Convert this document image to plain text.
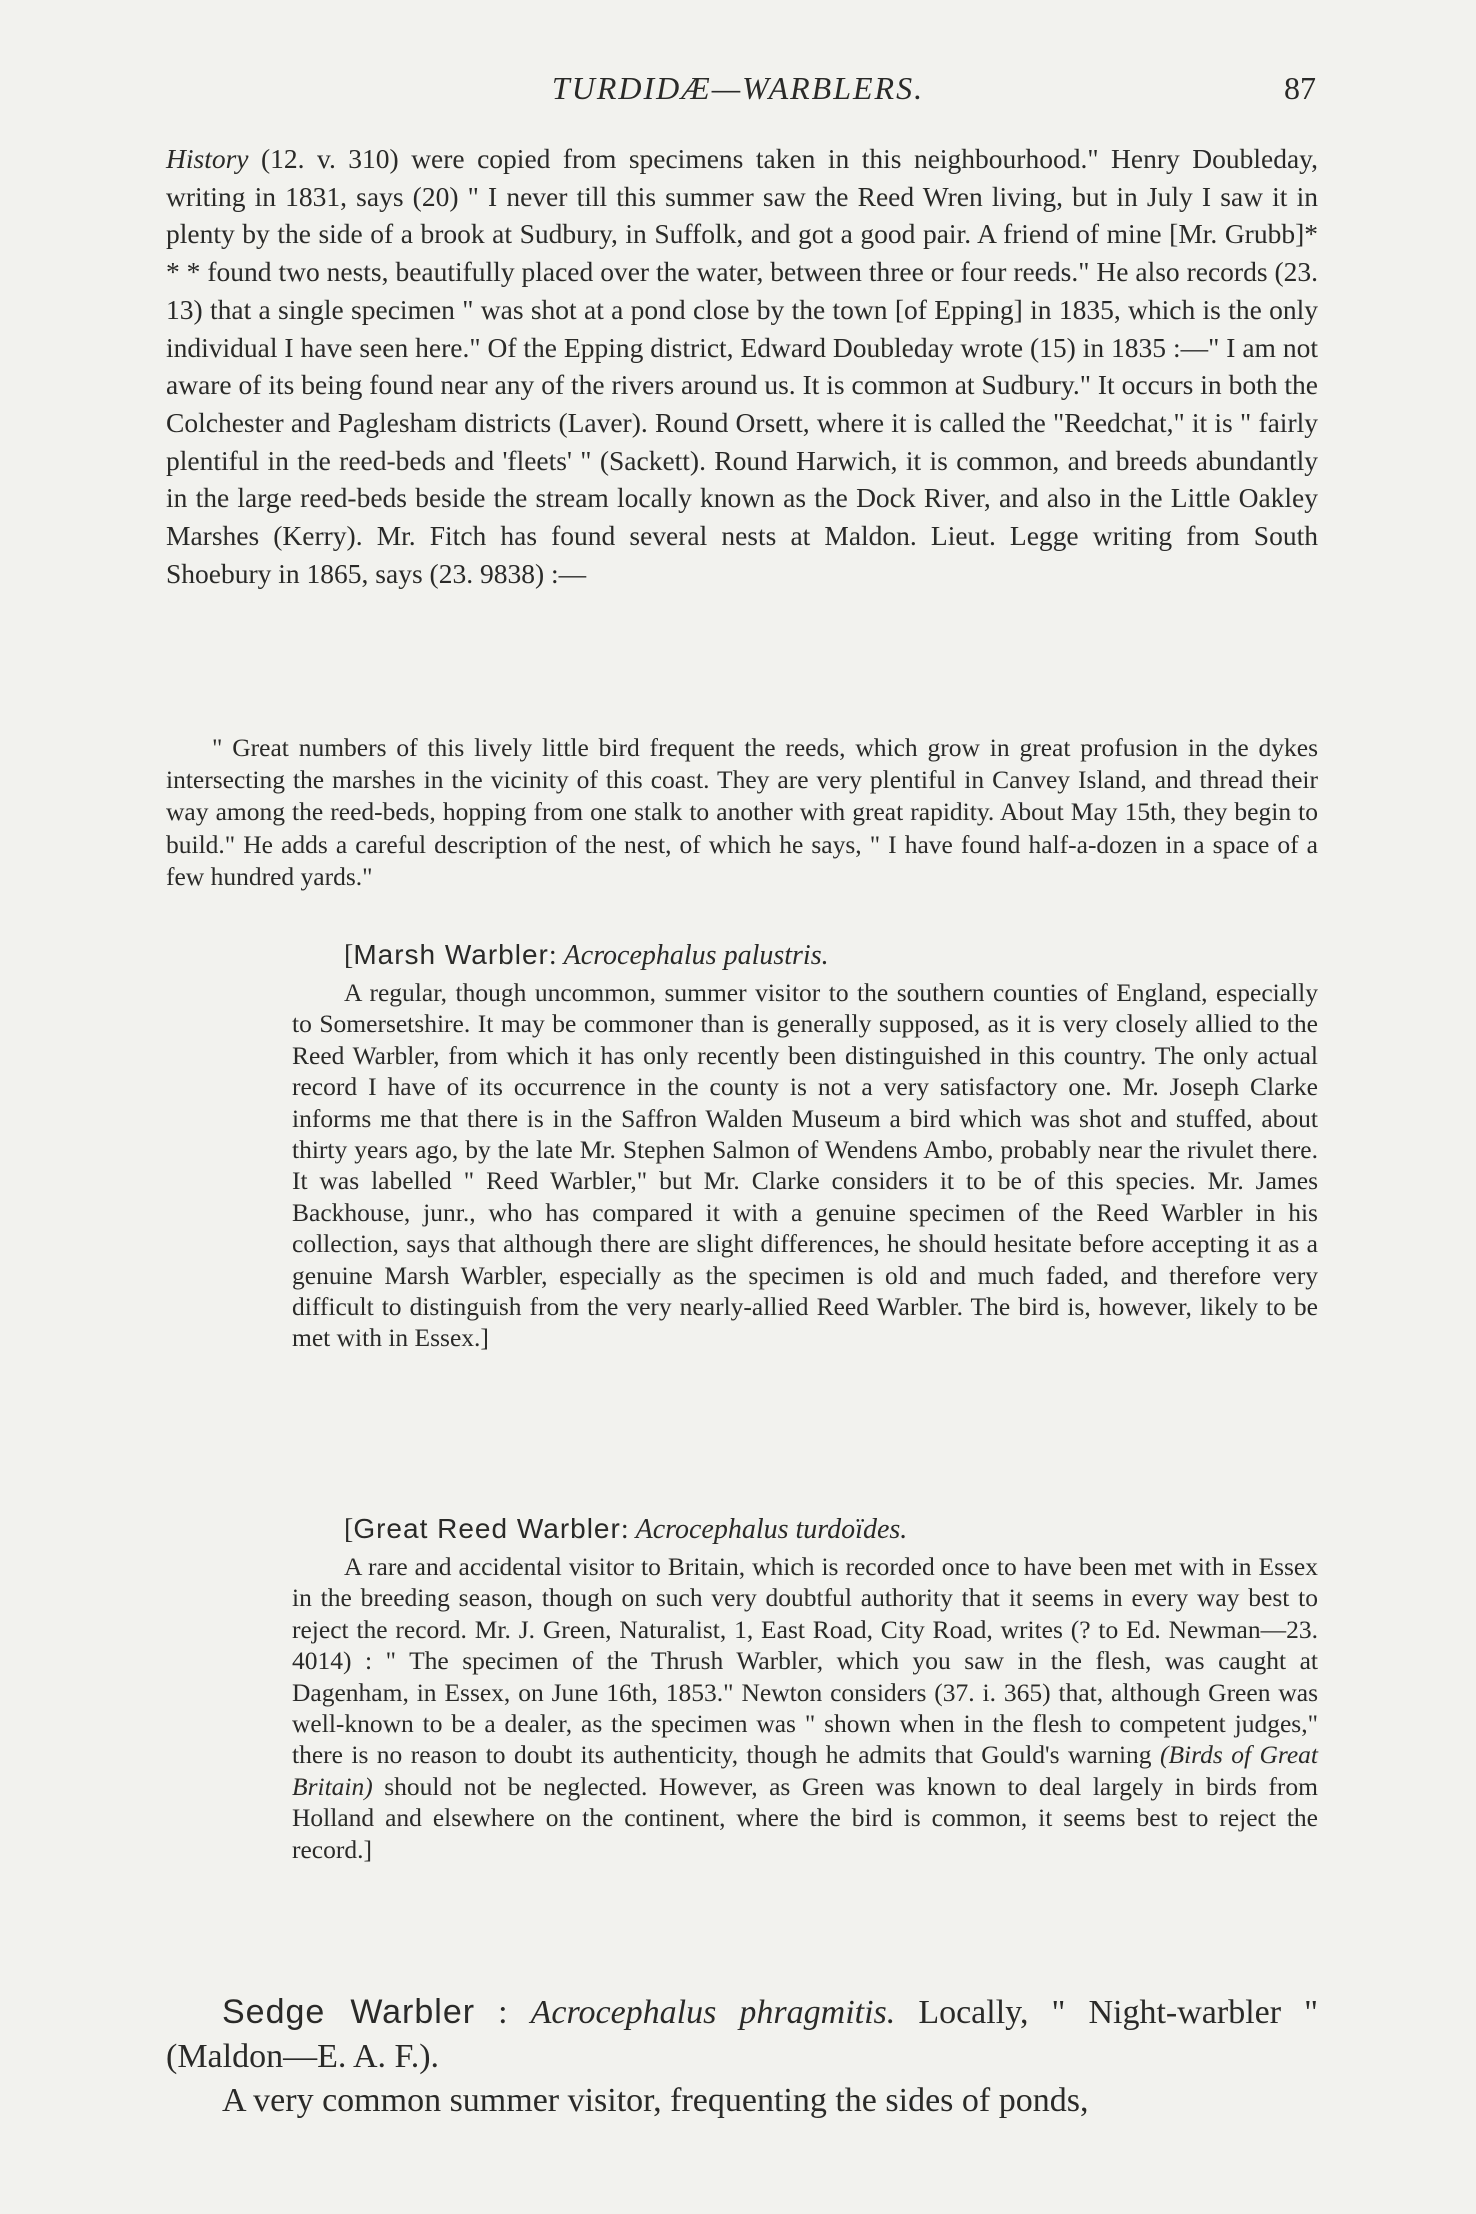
TURDIDÆ—WARBLERS.	87

History (12. v. 310) were copied from specimens taken in this neighbourhood." Henry Doubleday, writing in 1831, says (20) " I never till this summer saw the Reed Wren living, but in July I saw it in plenty by the side of a brook at Sudbury, in Suffolk, and got a good pair. A friend of mine [Mr. Grubb]* * * found two nests, beautifully placed over the water, between three or four reeds." He also records (23. 13) that a single specimen " was shot at a pond close by the town [of Epping] in 1835, which is the only individual I have seen here." Of the Epping district, Edward Doubleday wrote (15) in 1835 :—" I am not aware of its being found near any of the rivers around us. It is common at Sudbury." It occurs in both the Colchester and Paglesham districts (Laver). Round Orsett, where it is called the "Reedchat," it is " fairly plentiful in the reed-beds and 'fleets' " (Sackett). Round Harwich, it is common, and breeds abundantly in the large reed-beds beside the stream locally known as the Dock River, and also in the Little Oakley Marshes (Kerry). Mr. Fitch has found several nests at Maldon. Lieut. Legge writing from South Shoebury in 1865, says (23. 9838) :—

" Great numbers of this lively little bird frequent the reeds, which grow in great profusion in the dykes intersecting the marshes in the vicinity of this coast. They are very plentiful in Canvey Island, and thread their way among the reed-beds, hopping from one stalk to another with great rapidity. About May 15th, they begin to build." He adds a careful description of the nest, of which he says, " I have found half-a-dozen in a space of a few hundred yards."

[Marsh Warbler: Acrocephalus palustris.

A regular, though uncommon, summer visitor to the southern counties of England, especially to Somersetshire. It may be commoner than is generally supposed, as it is very closely allied to the Reed Warbler, from which it has only recently been distinguished in this country. The only actual record I have of its occurrence in the county is not a very satisfactory one. Mr. Joseph Clarke informs me that there is in the Saffron Walden Museum a bird which was shot and stuffed, about thirty years ago, by the late Mr. Stephen Salmon of Wendens Ambo, probably near the rivulet there. It was labelled " Reed Warbler," but Mr. Clarke considers it to be of this species. Mr. James Backhouse, junr., who has compared it with a genuine specimen of the Reed Warbler in his collection, says that although there are slight differences, he should hesitate before accepting it as a genuine Marsh Warbler, especially as the specimen is old and much faded, and therefore very difficult to distinguish from the very nearly-allied Reed Warbler. The bird is, however, likely to be met with in Essex.]

[Great Reed Warbler: Acrocephalus turdoïdes.

A rare and accidental visitor to Britain, which is recorded once to have been met with in Essex in the breeding season, though on such very doubtful authority that it seems in every way best to reject the record. Mr. J. Green, Naturalist, 1, East Road, City Road, writes (? to Ed. Newman—23. 4014) : " The specimen of the Thrush Warbler, which you saw in the flesh, was caught at Dagenham, in Essex, on June 16th, 1853." Newton considers (37. i. 365) that, although Green was well-known to be a dealer, as the specimen was " shown when in the flesh to competent judges," there is no reason to doubt its authenticity, though he admits that Gould's warning (Birds of Great Britain) should not be neglected. However, as Green was known to deal largely in birds from Holland and elsewhere on the continent, where the bird is common, it seems best to reject the record.]

Sedge Warbler : Acrocephalus phragmitis. Locally, " Night-warbler " (Maldon—E. A. F.).

A very common summer visitor, frequenting the sides of ponds,
